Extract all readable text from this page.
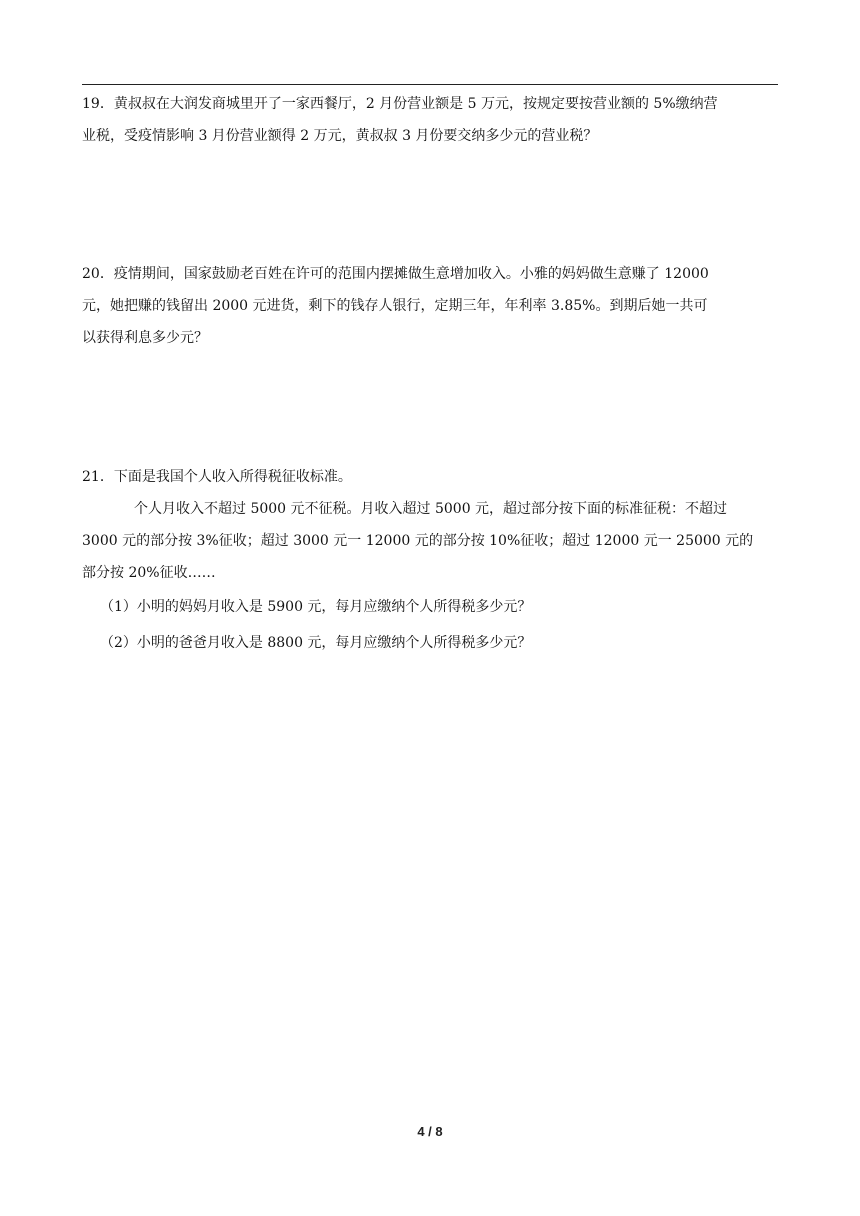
19．黄叔叔在大润发商城里开了一家西餐厅，2 月份营业额是 5 万元，按规定要按营业额的 5%缴纳营
业税，受疫情影响 3 月份营业额得 2 万元，黄叔叔 3 月份要交纳多少元的营业税？
20．疫情期间，国家鼓励老百姓在许可的范围内摆摊做生意增加收入。小雅的妈妈做生意赚了 12000
元，她把赚的钱留出 2000 元进货，剩下的钱存人银行，定期三年，年利率 3.85%。到期后她一共可
以获得利息多少元？
21．下面是我国个人收入所得税征收标准。
个人月收入不超过 5000 元不征税。月收入超过 5000 元，超过部分按下面的标准征税：不超过
3000 元的部分按 3%征收；超过 3000 元一 12000 元的部分按 10%征收；超过 12000 元一 25000 元的
部分按 20%征收……
（1）小明的妈妈月收入是 5900 元，每月应缴纳个人所得税多少元？
（2）小明的爸爸月收入是 8800 元，每月应缴纳个人所得税多少元？
4 / 8
